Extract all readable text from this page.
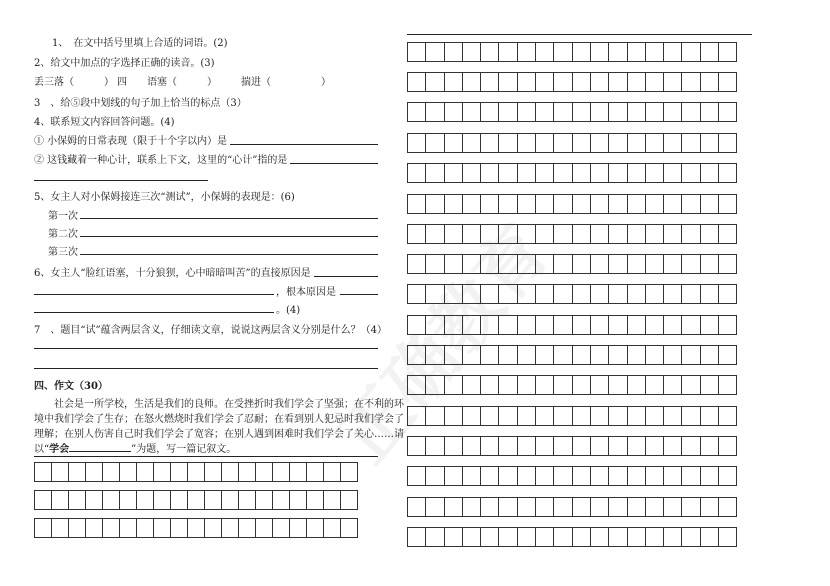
正确教育
1、　在文中括号里填上合适的词语。(2)
2、给文中加点的字选择正确的读音。(3)
丢三落（　　　） 四　　语塞（　　　） 揣进（　　　　　）
3　、给⑤段中划线的句子加上恰当的标点（3）
4、联系短文内容回答问题。(4)
① 小保姆的日常表现（限于十个字以内）是
② 这钱藏着一种心计，联系上下文，这里的“心计”指的是
5、女主人对小保姆接连三次“测试”，小保姆的表现是：(6)
第一次
第二次
第三次
6、女主人“脸红语塞，十分狼狈，心中暗暗叫苦”的直接原因是
，根本原因是
。(4)
7　、题目“试”蕴含两层含义，仔细读文章，说说这两层含义分别是什么？（4）
四、作文（30）
　　社会是一所学校，生活是我们的良师。在受挫折时我们学会了坚强；在不利的环
境中我们学会了生存；在怒火燃烧时我们学会了忍耐；在看到别人犯忌时我们学会了
理解；在别人伤害自己时我们学会了宽容；在别人遇到困难时我们学会了关心……请
以“学会	”为题，写一篇记叙文。
